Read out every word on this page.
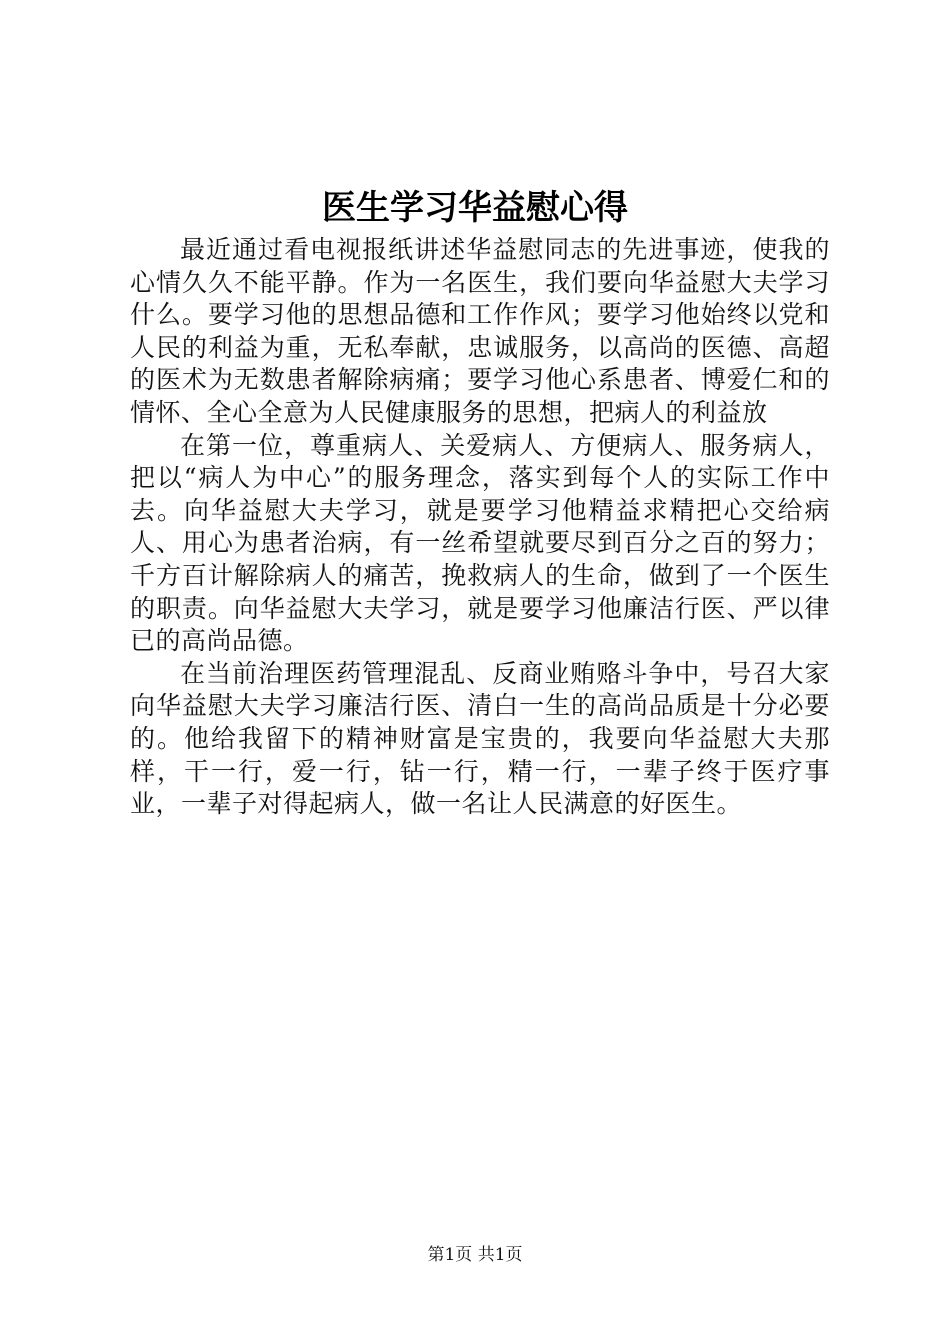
医生学习华益慰心得

最近通过看电视报纸讲述华益慰同志的先进事迹，使我的心情久久不能平静。作为一名医生，我们要向华益慰大夫学习什么。要学习他的思想品德和工作作风；要学习他始终以党和人民的利益为重，无私奉献，忠诚服务，以高尚的医德、高超的医术为无数患者解除病痛；要学习他心系患者、博爱仁和的情怀、全心全意为人民健康服务的思想，把病人的利益放

在第一位，尊重病人、关爱病人、方便病人、服务病人，把以“病人为中心”的服务理念，落实到每个人的实际工作中去。向华益慰大夫学习，就是要学习他精益求精把心交给病人、用心为患者治病，有一丝希望就要尽到百分之百的努力；千方百计解除病人的痛苦，挽救病人的生命，做到了一个医生的职责。向华益慰大夫学习，就是要学习他廉洁行医、严以律已的高尚品德。

在当前治理医药管理混乱、反商业贿赂斗争中，号召大家向华益慰大夫学习廉洁行医、清白一生的高尚品质是十分必要的。他给我留下的精神财富是宝贵的，我要向华益慰大夫那样，干一行，爱一行，钻一行，精一行，一辈子终于医疗事业，一辈子对得起病人，做一名让人民满意的好医生。

第1页 共1页
